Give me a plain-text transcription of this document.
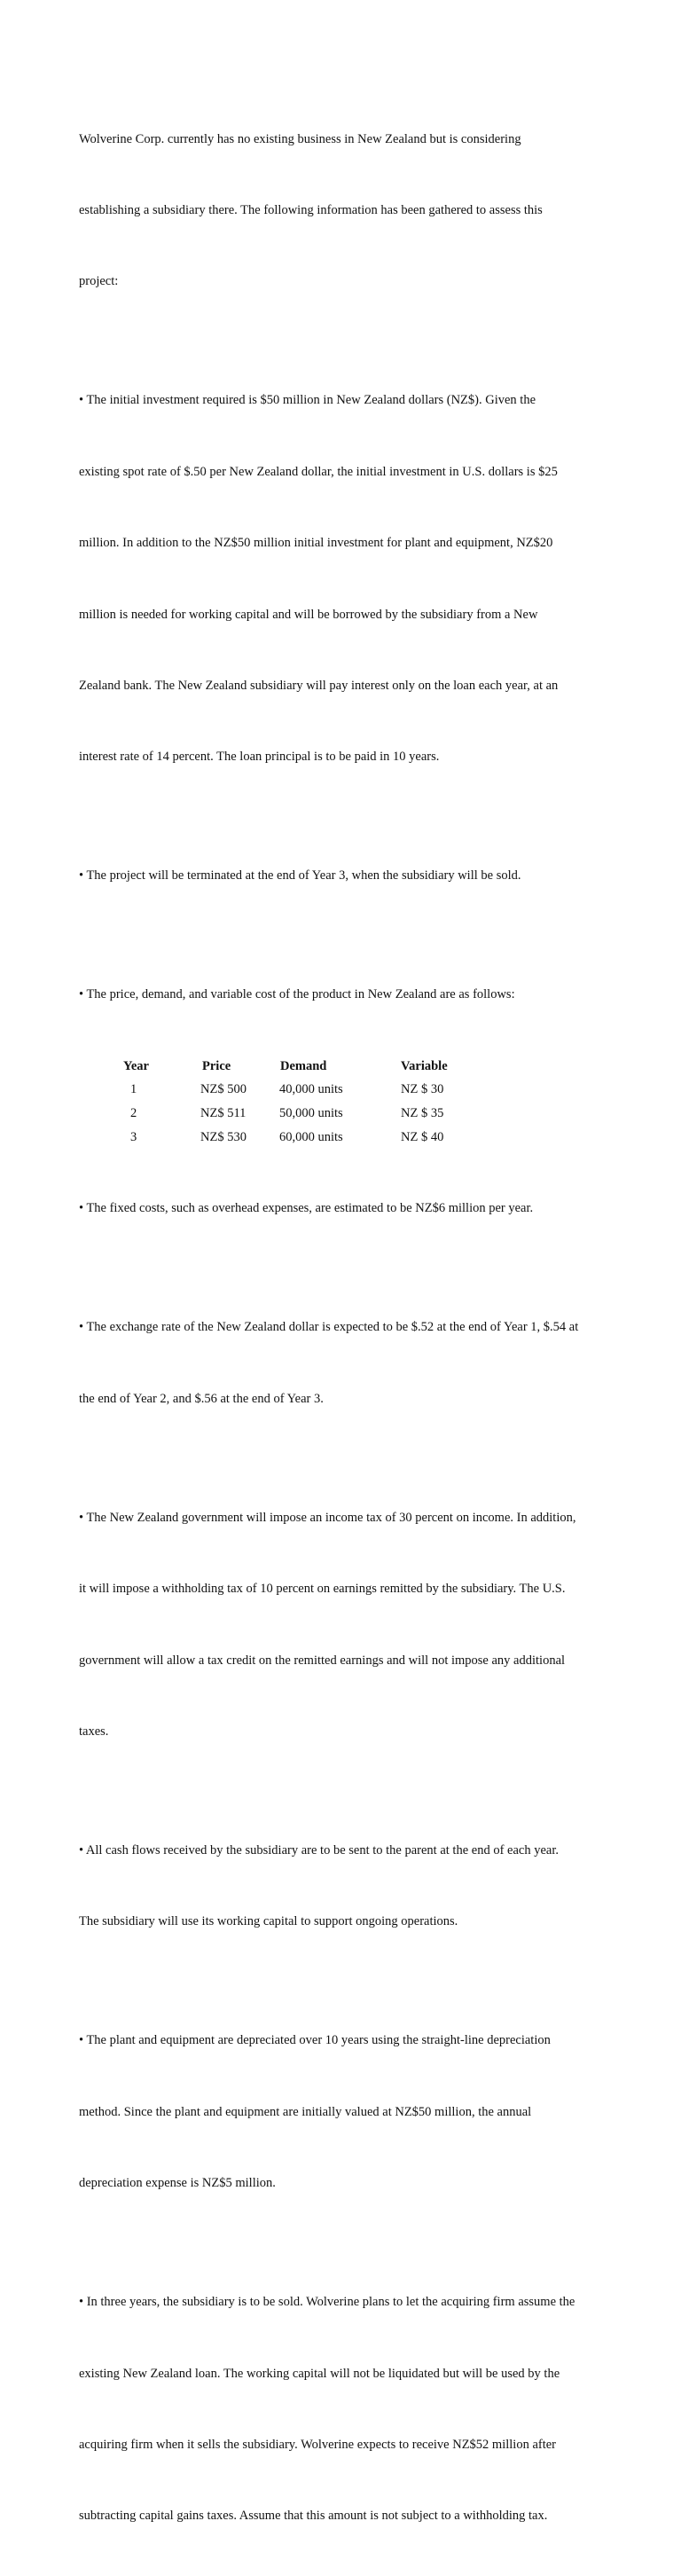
Wolverine Corp. currently has no existing business in New Zealand but is considering

establishing a subsidiary there. The following information has been gathered to assess this

project:

• The initial investment required is $50 million in New Zealand dollars (NZ$). Given the

existing spot rate of $.50 per New Zealand dollar, the initial investment in U.S. dollars is $25

million. In addition to the NZ$50 million initial investment for plant and equipment, NZ$20

million is needed for working capital and will be borrowed by the subsidiary from a New

Zealand bank. The New Zealand subsidiary will pay interest only on the loan each year, at an

interest rate of 14 percent. The loan principal is to be paid in 10 years.

• The project will be terminated at the end of Year 3, when the subsidiary will be sold.

• The price, demand, and variable cost of the product in New Zealand are as follows:

Year	Price	Demand	Variable
1	NZ$ 500	40,000 units	NZ $ 30
2	NZ$ 511	50,000 units	NZ $ 35
3	NZ$ 530	60,000 units	NZ $ 40

• The fixed costs, such as overhead expenses, are estimated to be NZ$6 million per year.

• The exchange rate of the New Zealand dollar is expected to be $.52 at the end of Year 1, $.54 at

the end of Year 2, and $.56 at the end of Year 3.

• The New Zealand government will impose an income tax of 30 percent on income. In addition,

it will impose a withholding tax of 10 percent on earnings remitted by the subsidiary. The U.S.

government will allow a tax credit on the remitted earnings and will not impose any additional

taxes.

• All cash flows received by the subsidiary are to be sent to the parent at the end of each year.

The subsidiary will use its working capital to support ongoing operations.

• The plant and equipment are depreciated over 10 years using the straight-line depreciation

method. Since the plant and equipment are initially valued at NZ$50 million, the annual

depreciation expense is NZ$5 million.

• In three years, the subsidiary is to be sold. Wolverine plans to let the acquiring firm assume the

existing New Zealand loan. The working capital will not be liquidated but will be used by the

acquiring firm when it sells the subsidiary. Wolverine expects to receive NZ$52 million after

subtracting capital gains taxes. Assume that this amount is not subject to a withholding tax.
